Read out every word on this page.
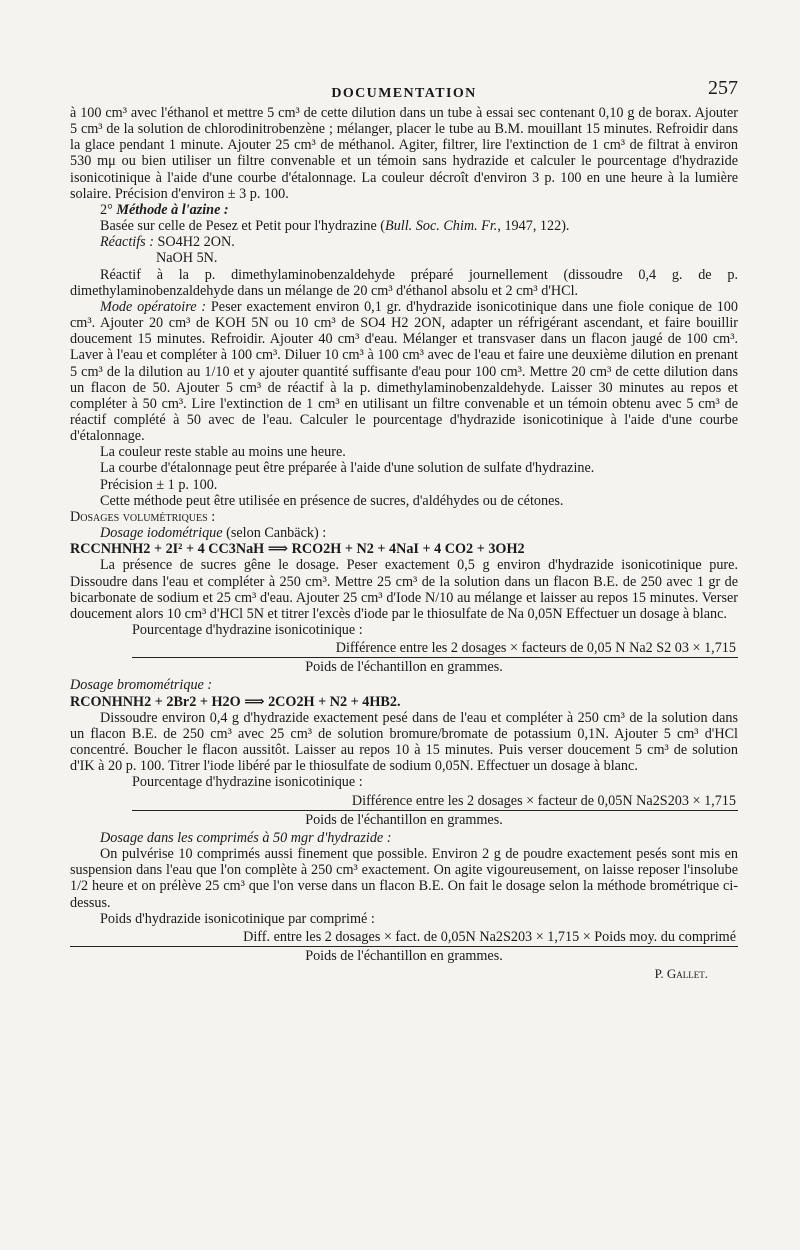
DOCUMENTATION	257

à 100 cm³ avec l'éthanol et mettre 5 cm³ de cette dilution dans un tube à essai sec contenant 0,10 g de borax. Ajouter 5 cm³ de la solution de chlorodinitrobenzène ; mélanger, placer le tube au B.M. mouillant 15 minutes. Refroidir dans la glace pendant 1 minute. Ajouter 25 cm³ de méthanol. Agiter, filtrer, lire l'extinction de 1 cm³ de filtrat à environ 530 mμ ou bien utiliser un filtre convenable et un témoin sans hydrazide et calculer le pourcentage d'hydrazide isonicotinique à l'aide d'une courbe d'étalonnage. La couleur décroît d'environ 3 p. 100 en une heure à la lumière solaire. Précision d'environ ± 3 p. 100.

2° Méthode à l'azine :

Basée sur celle de Pesez et Petit pour l'hydrazine (Bull. Soc. Chim. Fr., 1947, 122).

Réactifs : SO4H2 2ON.

NaOH 5N.

Réactif à la p. dimethylaminobenzaldehyde préparé journellement (dissoudre 0,4 g. de p. dimethylaminobenzaldehyde dans un mélange de 20 cm³ d'éthanol absolu et 2 cm³ d'HCl.

Mode opératoire : Peser exactement environ 0,1 gr. d'hydrazide isonicotinique dans une fiole conique de 100 cm³. Ajouter 20 cm³ de KOH 5N ou 10 cm³ de SO4 H2 2ON, adapter un réfrigérant ascendant, et faire bouillir doucement 15 minutes. Refroidir. Ajouter 40 cm³ d'eau. Mélanger et transvaser dans un flacon jaugé de 100 cm³. Laver à l'eau et compléter à 100 cm³. Diluer 10 cm³ à 100 cm³ avec de l'eau et faire une deuxième dilution en prenant 5 cm³ de la dilution au 1/10 et y ajouter quantité suffisante d'eau pour 100 cm³. Mettre 20 cm³ de cette dilution dans un flacon de 50. Ajouter 5 cm³ de réactif à la p. dimethylaminobenzaldehyde. Laisser 30 minutes au repos et compléter à 50 cm³. Lire l'extinction de 1 cm³ en utilisant un filtre convenable et un témoin obtenu avec 5 cm³ de réactif complété à 50 avec de l'eau. Calculer le pourcentage d'hydrazide isonicotinique à l'aide d'une courbe d'étalonnage.

La couleur reste stable au moins une heure.

La courbe d'étalonnage peut être préparée à l'aide d'une solution de sulfate d'hydrazine.

Précision ± 1 p. 100.

Cette méthode peut être utilisée en présence de sucres, d'aldéhydes ou de cétones.

Dosages volumétriques :

Dosage iodométrique (selon Canbäck) :

RCCNHNH2 + 2I² + 4 CC3NaH ⟹ RCO2H + N2 + 4NaI + 4 CO2 + 3OH2

La présence de sucres gêne le dosage. Peser exactement 0,5 g environ d'hydrazide isonicotinique pure. Dissoudre dans l'eau et compléter à 250 cm³. Mettre 25 cm³ de la solution dans un flacon B.E. de 250 avec 1 gr de bicarbonate de sodium et 25 cm³ d'eau. Ajouter 25 cm³ d'Iode N/10 au mélange et laisser au repos 15 minutes. Verser doucement alors 10 cm³ d'HCl 5N et titrer l'excès d'iode par le thiosulfate de Na 0,05N Effectuer un dosage à blanc.

Pourcentage d'hydrazine isonicotinique :

Différence entre les 2 dosages × facteurs de 0,05 N Na2 S2 03 × 1,715
Poids de l'échantillon en grammes.

Dosage bromométrique :

RCONHNH2 + 2Br2 + H2O ⟹ 2CO2H + N2 + 4HB2.

Dissoudre environ 0,4 g d'hydrazide exactement pesé dans de l'eau et compléter à 250 cm³ de la solution dans un flacon B.E. de 250 cm³ avec 25 cm³ de solution bromure/bromate de potassium 0,1N. Ajouter 5 cm³ d'HCl concentré. Boucher le flacon aussitôt. Laisser au repos 10 à 15 minutes. Puis verser doucement 5 cm³ de solution d'IK à 20 p. 100. Titrer l'iode libéré par le thiosulfate de sodium 0,05N. Effectuer un dosage à blanc.

Pourcentage d'hydrazine isonicotinique :

Différence entre les 2 dosages × facteur de 0,05N Na2S203 × 1,715
Poids de l'échantillon en grammes.

Dosage dans les comprimés à 50 mgr d'hydrazide :

On pulvérise 10 comprimés aussi finement que possible. Environ 2 g de poudre exactement pesés sont mis en suspension dans l'eau que l'on complète à 250 cm³ exactement. On agite vigoureusement, on laisse reposer l'insolube 1/2 heure et on prélève 25 cm³ que l'on verse dans un flacon B.E. On fait le dosage selon la méthode brométrique ci-dessus.

Poids d'hydrazide isonicotinique par comprimé :

Diff. entre les 2 dosages × fact. de 0,05N Na2S203 × 1,715 × Poids moy. du comprimé
Poids de l'échantillon en grammes.

P. Gallet.
